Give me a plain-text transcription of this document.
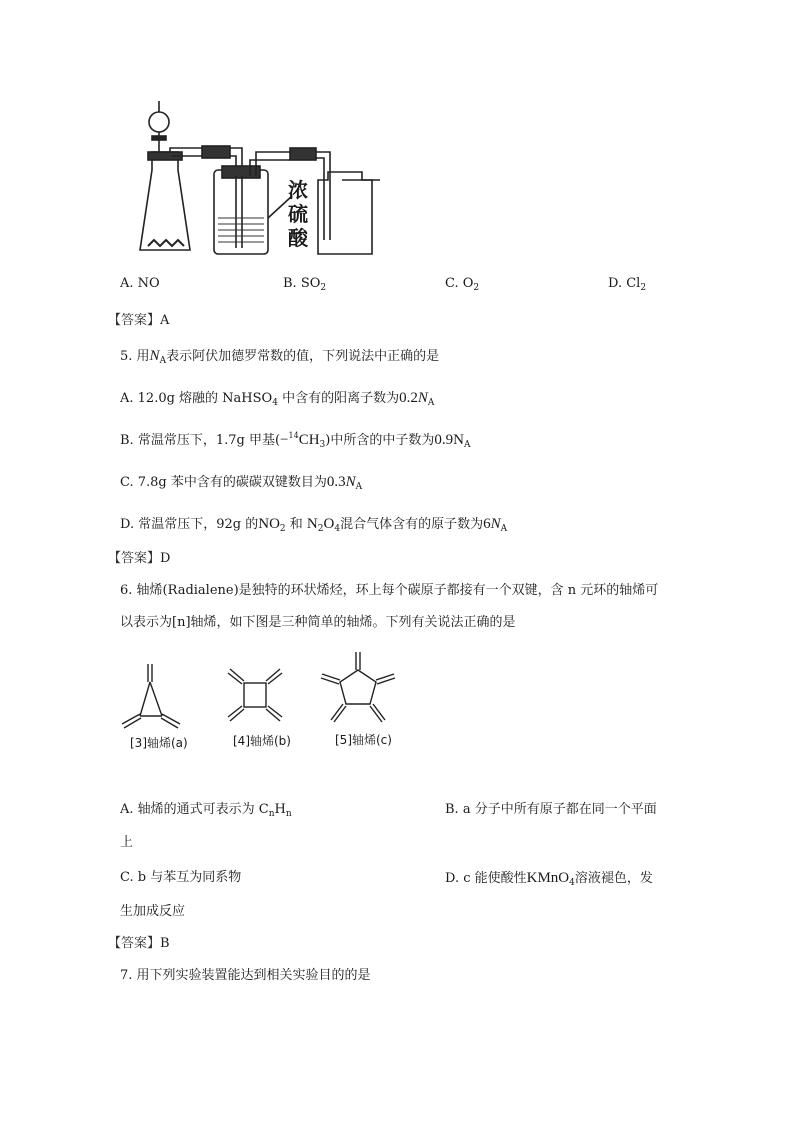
浓
硫
酸
A. NO	B. $SO_2$	C. $O_2$	D. $Cl_2$
【答案】A
5. 用$N_A$表示阿伏加德罗常数的值，下列说法中正确的是
A. 12.0g 熔融的 NaHSO$_4$ 中含有的阳离子数为$0.2N_A$
B. 常温常压下，1.7g 甲基$(-^{14}CH_3)$中所含的中子数为$0.9N_A$
C. 7.8g 苯中含有的碳碳双键数目为$0.3N_A$
D. 常温常压下，92g 的$NO_2$ 和 $N_2O_4$混合气体含有的原子数为$6N_A$
【答案】D
6. 轴烯(Radialene)是独特的环状烯烃，环上每个碳原子都接有一个双键，含 n 元环的轴烯可
以表示为[n]轴烯，如下图是三种简单的轴烯。下列有关说法正确的是
[3]轴烯(a)	[4]轴烯(b)	[5]轴烯(c)
A. 轴烯的通式可表示为 $C_nH_n$	B. a 分子中所有原子都在同一个平面
上
C. b 与苯互为同系物	D. c 能使酸性KMnO$_4$溶液褪色，发
生加成反应
【答案】B
7. 用下列实验装置能达到相关实验目的的是
